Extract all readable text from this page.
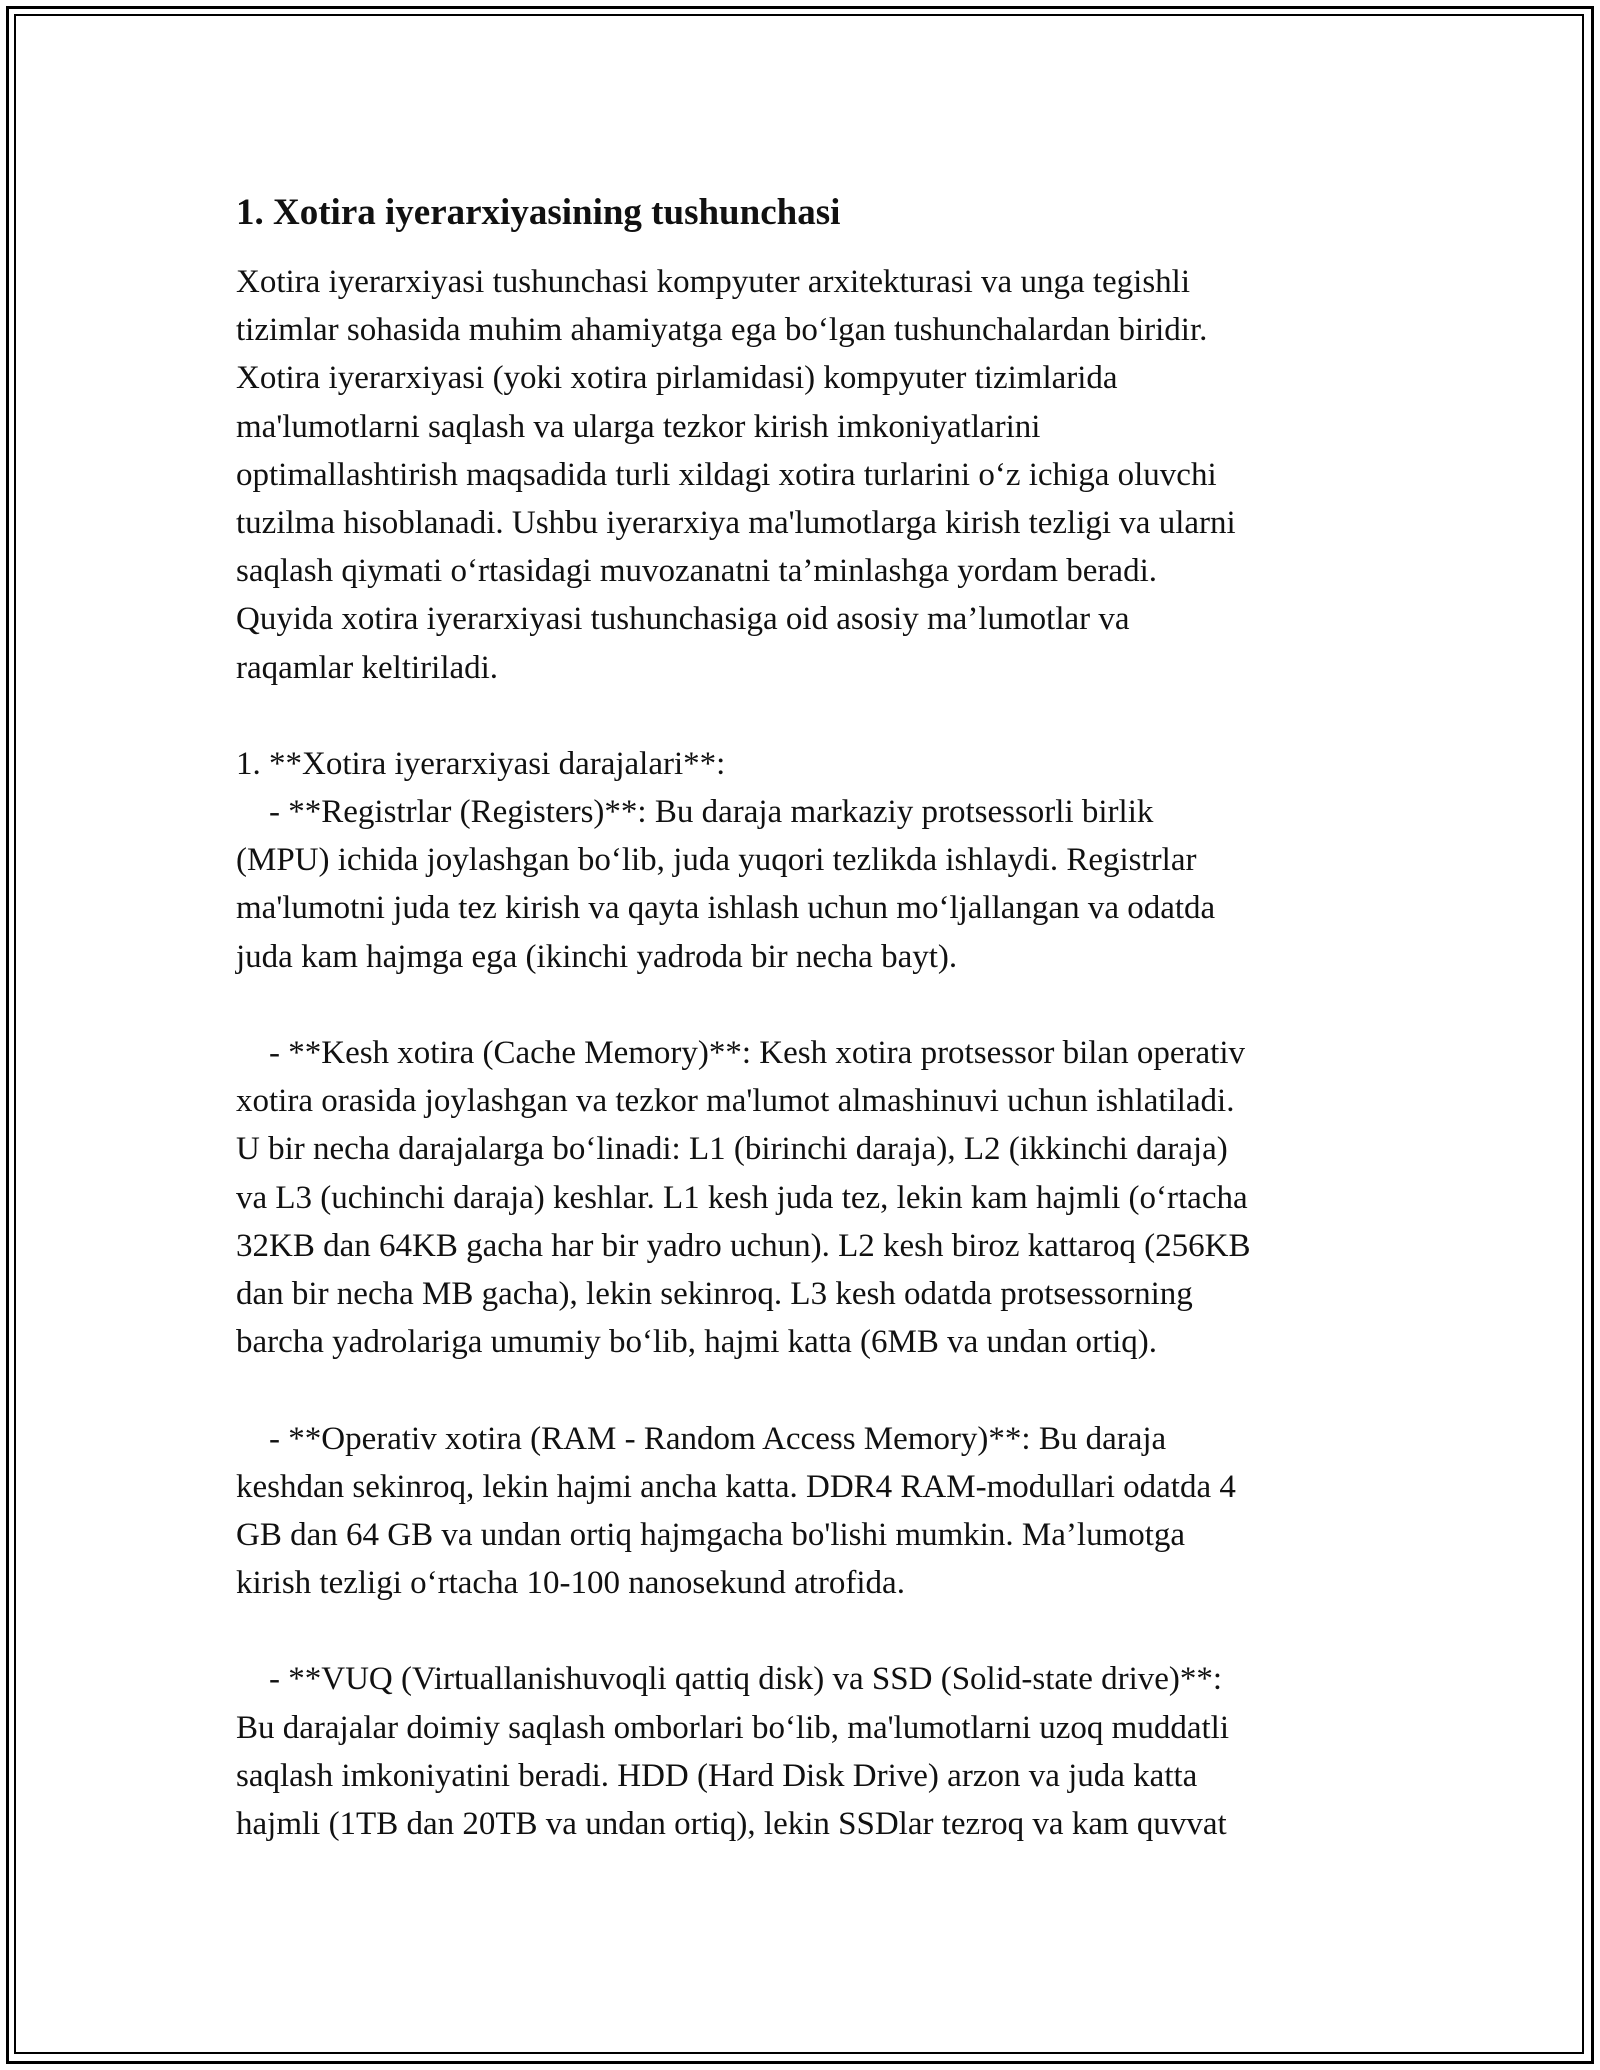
1. Xotira iyerarxiyasining tushunchasi
Xotira iyerarxiyasi tushunchasi kompyuter arxitekturasi va unga tegishli
tizimlar sohasida muhim ahamiyatga ega bo‘lgan tushunchalardan biridir.
Xotira iyerarxiyasi (yoki xotira pirlamidasi) kompyuter tizimlarida
ma'lumotlarni saqlash va ularga tezkor kirish imkoniyatlarini
optimallashtirish maqsadida turli xildagi xotira turlarini o‘z ichiga oluvchi
tuzilma hisoblanadi. Ushbu iyerarxiya ma'lumotlarga kirish tezligi va ularni
saqlash qiymati o‘rtasidagi muvozanatni ta’minlashga yordam beradi.
Quyida xotira iyerarxiyasi tushunchasiga oid asosiy ma’lumotlar va
raqamlar keltiriladi.
1. **Xotira iyerarxiyasi darajalari**:
- **Registrlar (Registers)**: Bu daraja markaziy protsessorli birlik
(MPU) ichida joylashgan bo‘lib, juda yuqori tezlikda ishlaydi. Registrlar
ma'lumotni juda tez kirish va qayta ishlash uchun mo‘ljallangan va odatda
juda kam hajmga ega (ikinchi yadroda bir necha bayt).
- **Kesh xotira (Cache Memory)**: Kesh xotira protsessor bilan operativ
xotira orasida joylashgan va tezkor ma'lumot almashinuvi uchun ishlatiladi.
U bir necha darajalarga bo‘linadi: L1 (birinchi daraja), L2 (ikkinchi daraja)
va L3 (uchinchi daraja) keshlar. L1 kesh juda tez, lekin kam hajmli (o‘rtacha
32KB dan 64KB gacha har bir yadro uchun). L2 kesh biroz kattaroq (256KB
dan bir necha MB gacha), lekin sekinroq. L3 kesh odatda protsessorning
barcha yadrolariga umumiy bo‘lib, hajmi katta (6MB va undan ortiq).
- **Operativ xotira (RAM - Random Access Memory)**: Bu daraja
keshdan sekinroq, lekin hajmi ancha katta. DDR4 RAM-modullari odatda 4
GB dan 64 GB va undan ortiq hajmgacha bo'lishi mumkin. Ma’lumotga
kirish tezligi o‘rtacha 10-100 nanosekund atrofida.
- **VUQ (Virtuallanishuvoqli qattiq disk) va SSD (Solid-state drive)**:
Bu darajalar doimiy saqlash omborlari bo‘lib, ma'lumotlarni uzoq muddatli
saqlash imkoniyatini beradi. HDD (Hard Disk Drive) arzon va juda katta
hajmli (1TB dan 20TB va undan ortiq), lekin SSDlar tezroq va kam quvvat
